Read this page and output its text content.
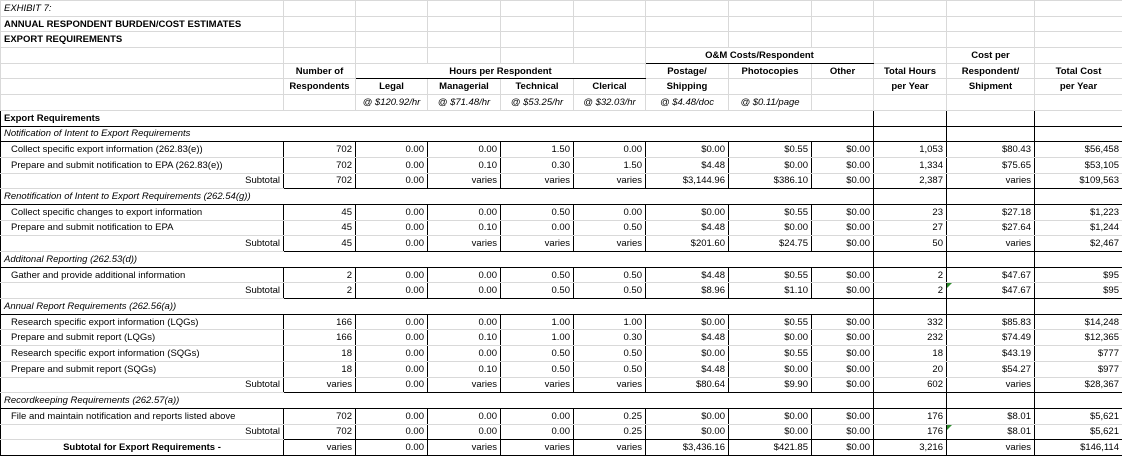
EXHIBIT 7:											
ANNUAL RESPONDENT BURDEN/COST ESTIMATES											
EXPORT REQUIREMENTS											
						O&M Costs/Respondent				Cost per	
	Number of	Hours per Respondent				Postage/	Photocopies	Other	Total Hours	Respondent/	Total Cost
	Respondents	Legal	Managerial	Technical	Clerical	Shipping			per Year	Shipment	per Year
		@ $120.92/hr	@ $71.48/hr	@ $53.25/hr	@ $32.03/hr	@ $4.48/doc	@ $0.11/page				
Export Requirements											
Notification of Intent to Export Requirements											
Collect specific export information (262.83(e))	702	0.00	0.00	1.50	0.00	$0.00	$0.55	$0.00	1,053	$80.43	$56,458
Prepare and submit notification to EPA (262.83(e))	702	0.00	0.10	0.30	1.50	$4.48	$0.00	$0.00	1,334	$75.65	$53,105
Subtotal	702	0.00	varies	varies	varies	$3,144.96	$386.10	$0.00	2,387	varies	$109,563
Renotification of Intent to Export Requirements (262.54(g))											
Collect specific changes to export information	45	0.00	0.00	0.50	0.00	$0.00	$0.55	$0.00	23	$27.18	$1,223
Prepare and submit notification to EPA	45	0.00	0.10	0.00	0.50	$4.48	$0.00	$0.00	27	$27.64	$1,244
Subtotal	45	0.00	varies	varies	varies	$201.60	$24.75	$0.00	50	varies	$2,467
Additonal Reporting (262.53(d))											
Gather and provide additional information	2	0.00	0.00	0.50	0.50	$4.48	$0.55	$0.00	2	$47.67	$95
Subtotal	2	0.00	0.00	0.50	0.50	$8.96	$1.10	$0.00	2	$47.67	$95
Annual Report Requirements (262.56(a))											
Research specific export information (LQGs)	166	0.00	0.00	1.00	1.00	$0.00	$0.55	$0.00	332	$85.83	$14,248
Prepare and submit report (LQGs)	166	0.00	0.10	1.00	0.30	$4.48	$0.00	$0.00	232	$74.49	$12,365
Research specific export information (SQGs)	18	0.00	0.00	0.50	0.50	$0.00	$0.55	$0.00	18	$43.19	$777
Prepare and submit report (SQGs)	18	0.00	0.10	0.50	0.50	$4.48	$0.00	$0.00	20	$54.27	$977
Subtotal	varies	0.00	varies	varies	varies	$80.64	$9.90	$0.00	602	varies	$28,367
Recordkeeping Requirements (262.57(a))											
File and maintain notification and reports listed above	702	0.00	0.00	0.00	0.25	$0.00	$0.00	$0.00	176	$8.01	$5,621
Subtotal	702	0.00	0.00	0.00	0.25	$0.00	$0.00	$0.00	176	$8.01	$5,621
Subtotal for Export Requirements -	varies	0.00	varies	varies	varies	$3,436.16	$421.85	$0.00	3,216	varies	$146,114
